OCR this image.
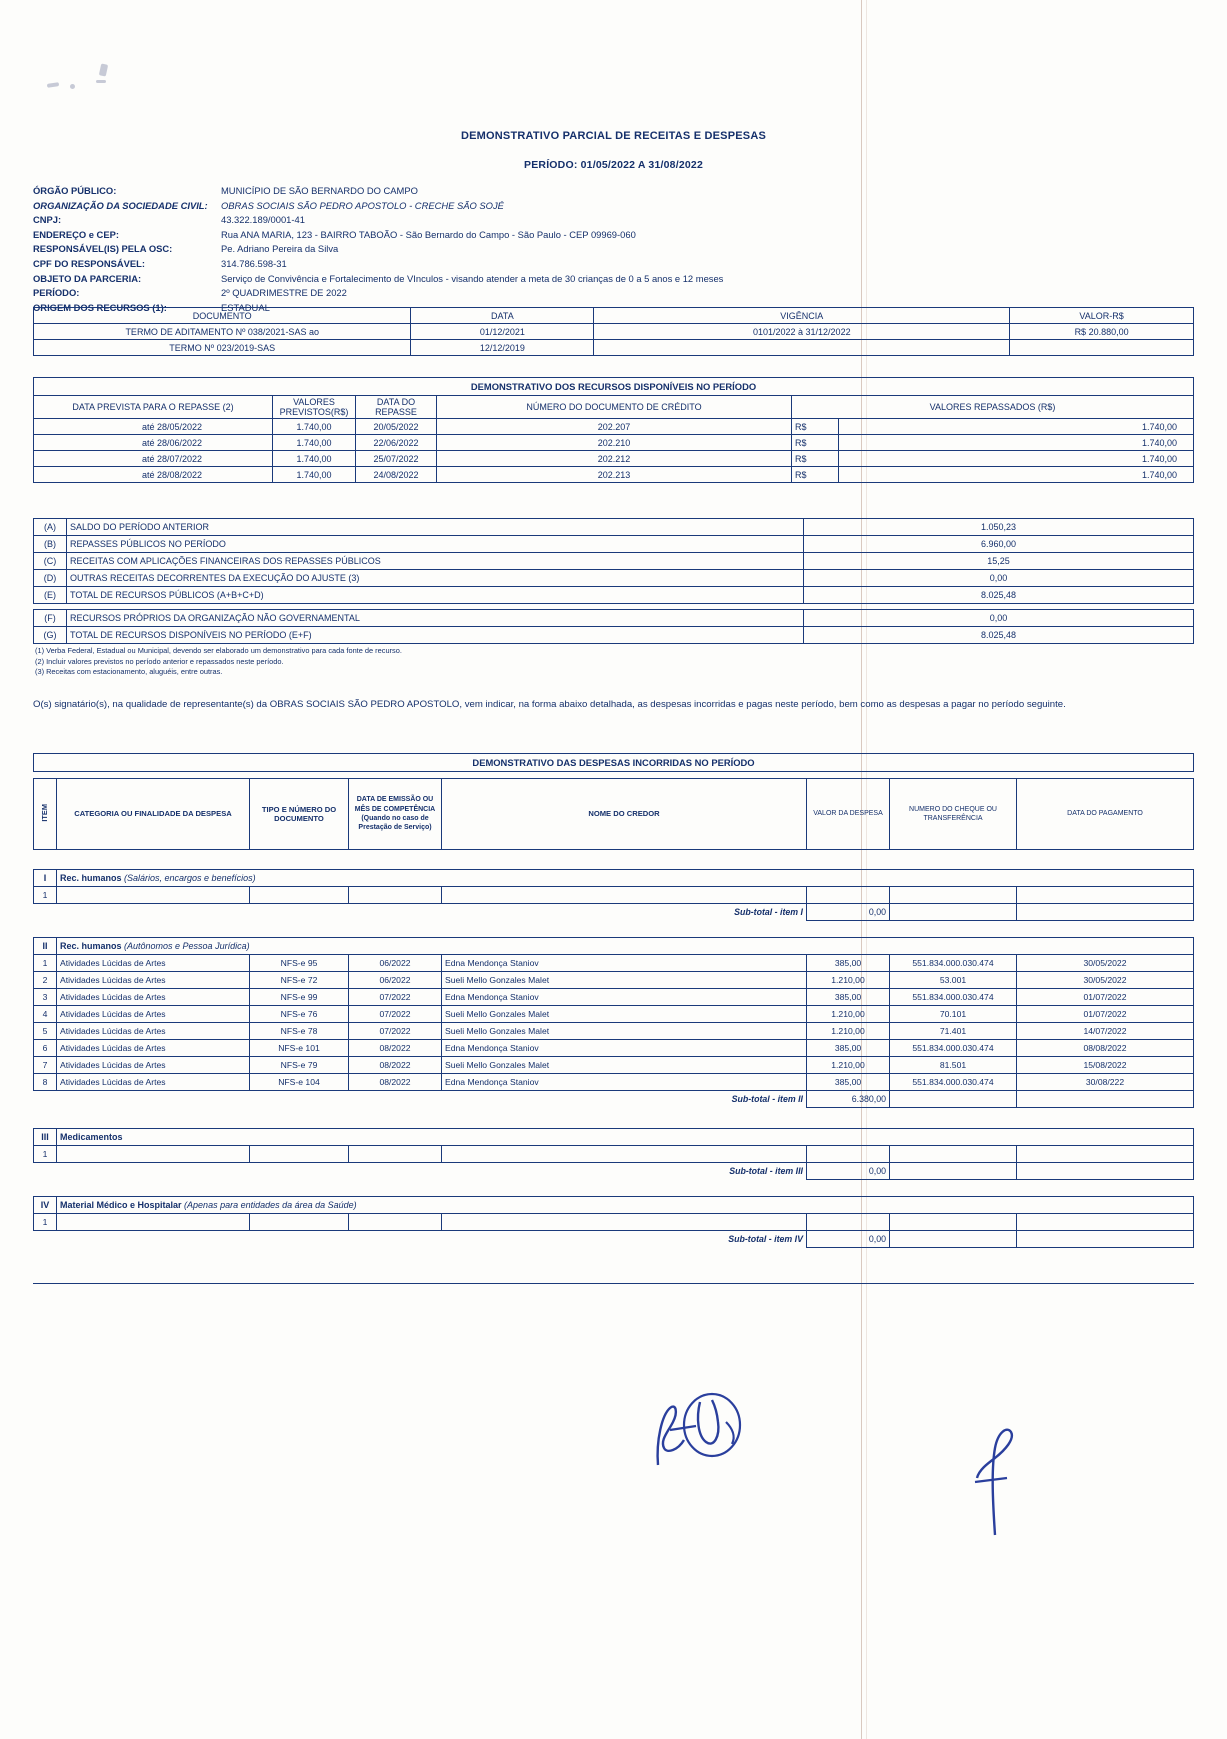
DEMONSTRATIVO PARCIAL DE RECEITAS E DESPESAS
PERÍODO: 01/05/2022 A 31/08/2022
ÓRGÃO PÚBLICO:	MUNICÍPIO DE SÃO BERNARDO DO CAMPO
ORGANIZAÇÃO DA SOCIEDADE CIVIL:	OBRAS SOCIAIS SÃO PEDRO APOSTOLO - CRECHE SÃO SOJÉ
CNPJ:	43.322.189/0001-41
ENDEREÇO e CEP:	Rua ANA MARIA, 123 - BAIRRO TABOÃO - São Bernardo do Campo - São Paulo - CEP 09969-060
RESPONSÁVEL(IS) PELA OSC:	Pe. Adriano Pereira da Silva
CPF DO RESPONSÁVEL:	314.786.598-31
OBJETO DA PARCERIA:	Serviço de Convivência e Fortalecimento de VInculos - visando atender a meta de 30 crianças de 0 a 5 anos e 12 meses
PERÍODO:	2º QUADRIMESTRE DE 2022
ORIGEM DOS RECURSOS (1):	ESTADUAL
DOCUMENTO	DATA	VIGÊNCIA	VALOR-R$
TERMO DE ADITAMENTO Nº 038/2021-SAS ao	01/12/2021	0101/2022 à 31/12/2022	R$ 20.880,00
TERMO Nº 023/2019-SAS	12/12/2019		
DEMONSTRATIVO DOS RECURSOS DISPONÍVEIS NO PERÍODO					
DATA PREVISTA PARA O REPASSE (2)	VALORES PREVISTOS(R$)	DATA DO REPASSE	NÚMERO DO DOCUMENTO DE CRÉDITO	VALORES REPASSADOS (R$)	
até 28/05/2022	1.740,00	20/05/2022	202.207	R$	1.740,00
até 28/06/2022	1.740,00	22/06/2022	202.210	R$	1.740,00
até 28/07/2022	1.740,00	25/07/2022	202.212	R$	1.740,00
até 28/08/2022	1.740,00	24/08/2022	202.213	R$	1.740,00
(A)	SALDO DO PERÍODO ANTERIOR	1.050,23
(B)	REPASSES PÚBLICOS NO PERÍODO	6.960,00
(C)	RECEITAS COM APLICAÇÕES FINANCEIRAS DOS REPASSES PÚBLICOS	15,25
(D)	OUTRAS RECEITAS DECORRENTES DA EXECUÇÃO DO AJUSTE (3)	0,00
(E)	TOTAL DE RECURSOS PÚBLICOS (A+B+C+D)	8.025,48
(F)	RECURSOS PRÓPRIOS DA ORGANIZAÇÃO NÃO GOVERNAMENTAL	0,00
(G)	TOTAL DE RECURSOS DISPONÍVEIS NO PERÍODO (E+F)	8.025,48
(1) Verba Federal, Estadual ou Municipal, devendo ser elaborado um demonstrativo para cada fonte de recurso.
(2) Incluir valores previstos no período anterior e repassados neste período.
(3) Receitas com estacionamento, aluguéis, entre outras.
O(s) signatário(s), na qualidade de representante(s) da OBRAS SOCIAIS SÃO PEDRO APOSTOLO, vem indicar, na forma abaixo detalhada, as despesas incorridas e pagas neste período, bem como as despesas a pagar no período seguinte.
DEMONSTRATIVO DAS DESPESAS INCORRIDAS NO PERÍODO
ITEM	CATEGORIA OU FINALIDADE DA DESPESA	TIPO E NÚMERO DO DOCUMENTO	DATA DE EMISSÃO OU MÊS DE COMPETÊNCIA (Quando no caso de Prestação de Serviço)	NOME DO CREDOR	VALOR DA DESPESA	NUMERO DO CHEQUE OU TRANSFERÊNCIA	DATA DO PAGAMENTO
I	Rec. humanos (Salários, encargos e benefícios)						
1							
Sub-total - item I					0,00		
II	Rec. humanos (Autônomos e Pessoa Jurídica)						
1	Atividades Lúcidas de Artes	NFS-e 95	06/2022	Edna Mendonça Staniov	385,00	551.834.000.030.474	30/05/2022
2	Atividades Lúcidas de Artes	NFS-e 72	06/2022	Sueli Mello Gonzales Malet	1.210,00	53.001	30/05/2022
3	Atividades Lúcidas de Artes	NFS-e 99	07/2022	Edna Mendonça Staniov	385,00	551.834.000.030.474	01/07/2022
4	Atividades Lúcidas de Artes	NFS-e 76	07/2022	Sueli Mello Gonzales Malet	1.210,00	70.101	01/07/2022
5	Atividades Lúcidas de Artes	NFS-e 78	07/2022	Sueli Mello Gonzales Malet	1.210,00	71.401	14/07/2022
6	Atividades Lúcidas de Artes	NFS-e 101	08/2022	Edna Mendonça Staniov	385,00	551.834.000.030.474	08/08/2022
7	Atividades Lúcidas de Artes	NFS-e 79	08/2022	Sueli Mello Gonzales Malet	1.210,00	81.501	15/08/2022
8	Atividades Lúcidas de Artes	NFS-e 104	08/2022	Edna Mendonça Staniov	385,00	551.834.000.030.474	30/08/222
Sub-total - item II					6.380,00		
III	Medicamentos						
1							
Sub-total - item III					0,00		
IV	Material Médico e Hospitalar (Apenas para entidades da área da Saúde)						
1							
Sub-total - item IV					0,00		
